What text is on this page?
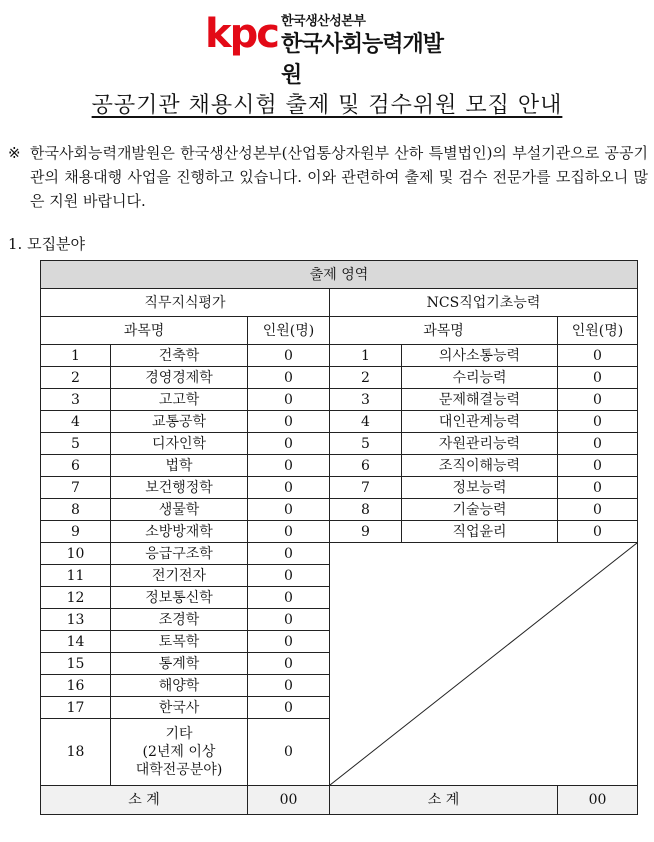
kpc 한국생산성본부
한국사회능력개발원
공공기관 채용시험 출제 및 검수위원 모집 안내
※ 한국사회능력개발원은 한국생산성본부(산업통상자원부 산하 특별법인)의 부설기관으로 공공기관의 채용대행 사업을 진행하고 있습니다. 이와 관련하여 출제 및 검수 전문가를 모집하오니 많은 지원 바랍니다.
1. 모집분야
출제 영역					
직무지식평가			NCS직업기초능력		
과목명		인원(명)	과목명		인원(명)
1	건축학	0	1	의사소통능력	0
2	경영경제학	0	2	수리능력	0
3	고고학	0	3	문제해결능력	0
4	교통공학	0	4	대인관계능력	0
5	디자인학	0	5	자원관리능력	0
6	법학	0	6	조직이해능력	0
7	보건행정학	0	7	정보능력	0
8	생물학	0	8	기술능력	0
9	소방방재학	0	9	직업윤리	0
10	응급구조학	0	

11	전기전자	0			
12	정보통신학	0			
13	조경학	0			
14	토목학	0			
15	통계학	0			
16	해양학	0			
17	한국사	0			
18	기타
(2년제 이상
대학전공분야)	0			
소 계		00	소 계		00
